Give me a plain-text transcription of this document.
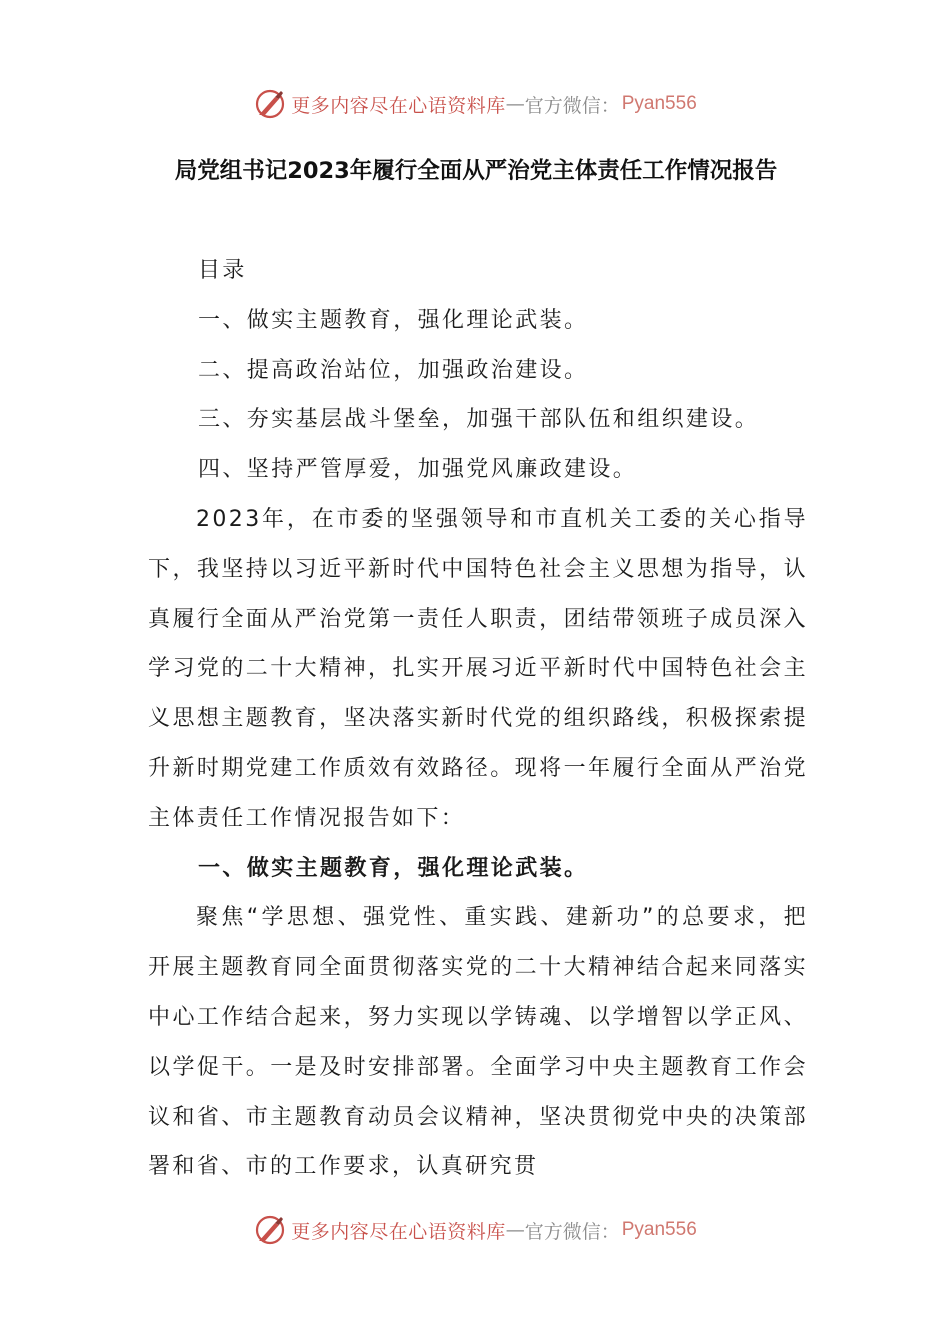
更多内容尽在心语资料库 — 官方微信： Pyan556
局党组书记2023年履行全面从严治党主体责任工作情况报告

目录

一、做实主题教育，强化理论武装。

二、提高政治站位，加强政治建设。

三、夯实基层战斗堡垒，加强干部队伍和组织建设。

四、坚持严管厚爱，加强党风廉政建设。

2023年，在市委的坚强领导和市直机关工委的关心指导下，我坚持以习近平新时代中国特色社会主义思想为指导，认真履行全面从严治党第一责任人职责，团结带领班子成员深入学习党的二十大精神，扎实开展习近平新时代中国特色社会主义思想主题教育，坚决落实新时代党的组织路线，积极探索提升新时期党建工作质效有效路径。现将一年履行全面从严治党主体责任工作情况报告如下：

一、做实主题教育，强化理论武装。

聚焦“学思想、强党性、重实践、建新功”的总要求，把开展主题教育同全面贯彻落实党的二十大精神结合起来同落实中心工作结合起来，努力实现以学铸魂、以学增智以学正风、以学促干。一是及时安排部署。全面学习中央主题教育工作会议和省、市主题教育动员会议精神，坚决贯彻党中央的决策部署和省、市的工作要求，认真研究贯

更多内容尽在心语资料库 — 官方微信： Pyan556
